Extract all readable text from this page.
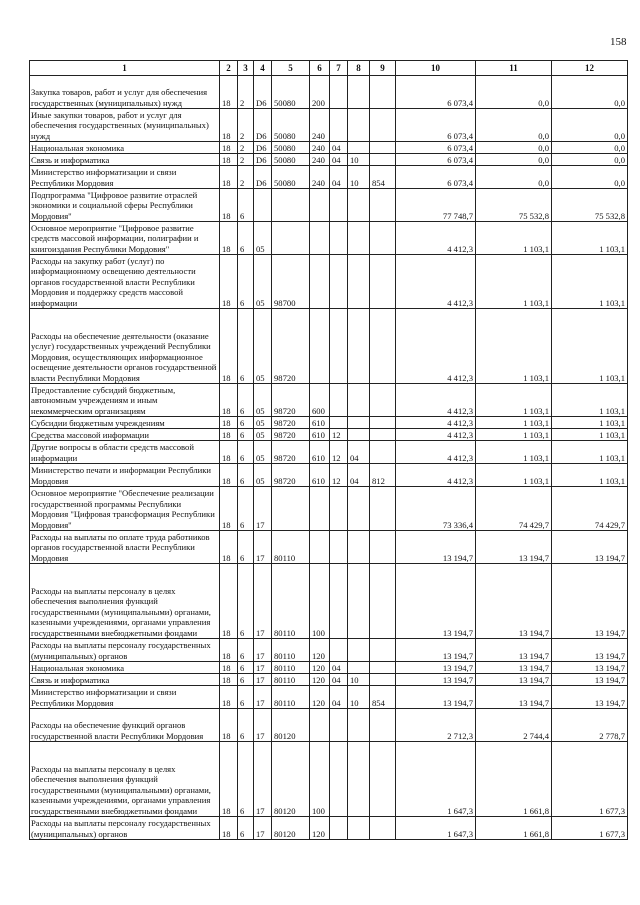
158
1	2	3	4	5	6	7	8	9	10	11	12
Закупка товаров, работ и услуг для обеспечения государственных (муниципальных) нужд	18	2	D6	50080	200				6 073,4	0,0	0,0
Иные закупки товаров, работ и услуг для обеспечения государственных (муниципальных) нужд	18	2	D6	50080	240				6 073,4	0,0	0,0
Национальная экономика	18	2	D6	50080	240	04			6 073,4	0,0	0,0
Связь и информатика	18	2	D6	50080	240	04	10		6 073,4	0,0	0,0
Министерство информатизации и связи Республики Мордовия	18	2	D6	50080	240	04	10	854	6 073,4	0,0	0,0
Подпрограмма "Цифровое развитие отраслей экономики и социальной сферы Республики Мордовия"	18	6							77 748,7	75 532,8	75 532,8
Основное мероприятие "Цифровое развитие средств массовой информации, полиграфии и книгоиздания Республики Мордовия"	18	6	05						4 412,3	1 103,1	1 103,1
Расходы на закупку работ (услуг) по информационному освещению деятельности органов государственной власти Республики Мордовия и поддержку средств массовой информации	18	6	05	98700					4 412,3	1 103,1	1 103,1
Расходы на обеспечение деятельности (оказание услуг) государственных учреждений Республики Мордовия, осуществляющих информационное освещение деятельности органов государственной власти Республики Мордовия	18	6	05	98720					4 412,3	1 103,1	1 103,1
Предоставление субсидий бюджетным, автономным учреждениям и иным некоммерческим организациям	18	6	05	98720	600				4 412,3	1 103,1	1 103,1
Субсидии бюджетным учреждениям	18	6	05	98720	610				4 412,3	1 103,1	1 103,1
Средства массовой информации	18	6	05	98720	610	12			4 412,3	1 103,1	1 103,1
Другие вопросы в области средств массовой информации	18	6	05	98720	610	12	04		4 412,3	1 103,1	1 103,1
Министерство печати и информации Республики Мордовия	18	6	05	98720	610	12	04	812	4 412,3	1 103,1	1 103,1
Основное мероприятие "Обеспечение реализации государственной программы Республики Мордовия "Цифровая трансформация Республики Мордовия"	18	6	17						73 336,4	74 429,7	74 429,7
Расходы на выплаты по оплате труда работников органов государственной власти Республики Мордовия	18	6	17	80110					13 194,7	13 194,7	13 194,7
Расходы на выплаты персоналу в целях обеспечения выполнения функций государственными (муниципальными) органами, казенными учреждениями, органами управления государственными внебюджетными фондами	18	6	17	80110	100				13 194,7	13 194,7	13 194,7
Расходы на выплаты персоналу государственных (муниципальных) органов	18	6	17	80110	120				13 194,7	13 194,7	13 194,7
Национальная экономика	18	6	17	80110	120	04			13 194,7	13 194,7	13 194,7
Связь и информатика	18	6	17	80110	120	04	10		13 194,7	13 194,7	13 194,7
Министерство информатизации и связи Республики Мордовия	18	6	17	80110	120	04	10	854	13 194,7	13 194,7	13 194,7
Расходы на обеспечение функций органов государственной власти Республики Мордовия	18	6	17	80120					2 712,3	2 744,4	2 778,7
Расходы на выплаты персоналу в целях обеспечения выполнения функций государственными (муниципальными) органами, казенными учреждениями, органами управления государственными внебюджетными фондами	18	6	17	80120	100				1 647,3	1 661,8	1 677,3
Расходы на выплаты персоналу государственных (муниципальных) органов	18	6	17	80120	120				1 647,3	1 661,8	1 677,3
